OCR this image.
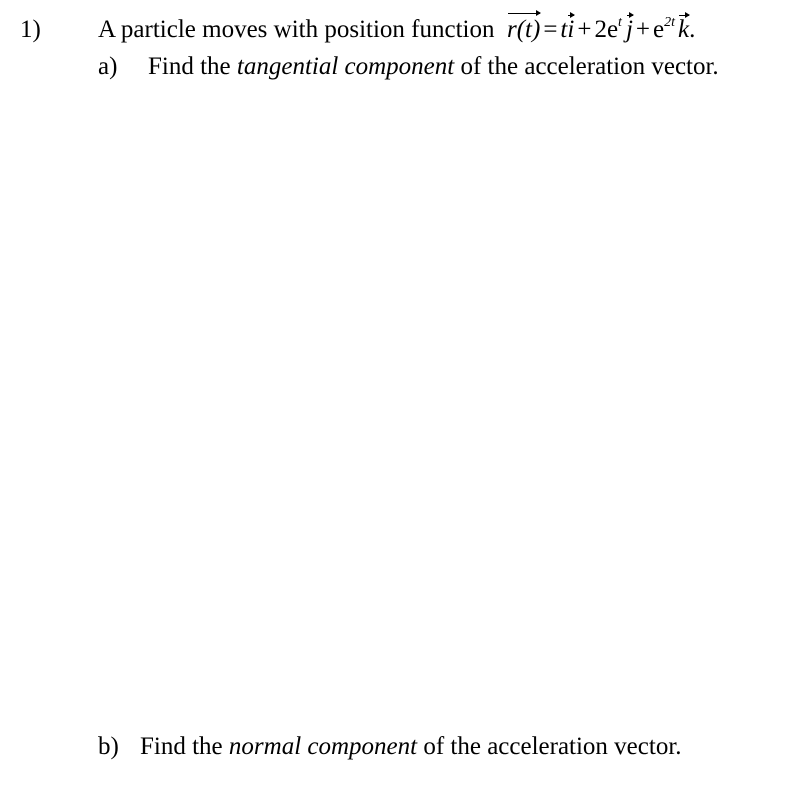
1) A particle moves with position function r(t) = ti + $2e^t$ $j + e^{2t}$ k.
a) Find the tangential component of the acceleration vector.
b) Find the normal component of the acceleration vector.
